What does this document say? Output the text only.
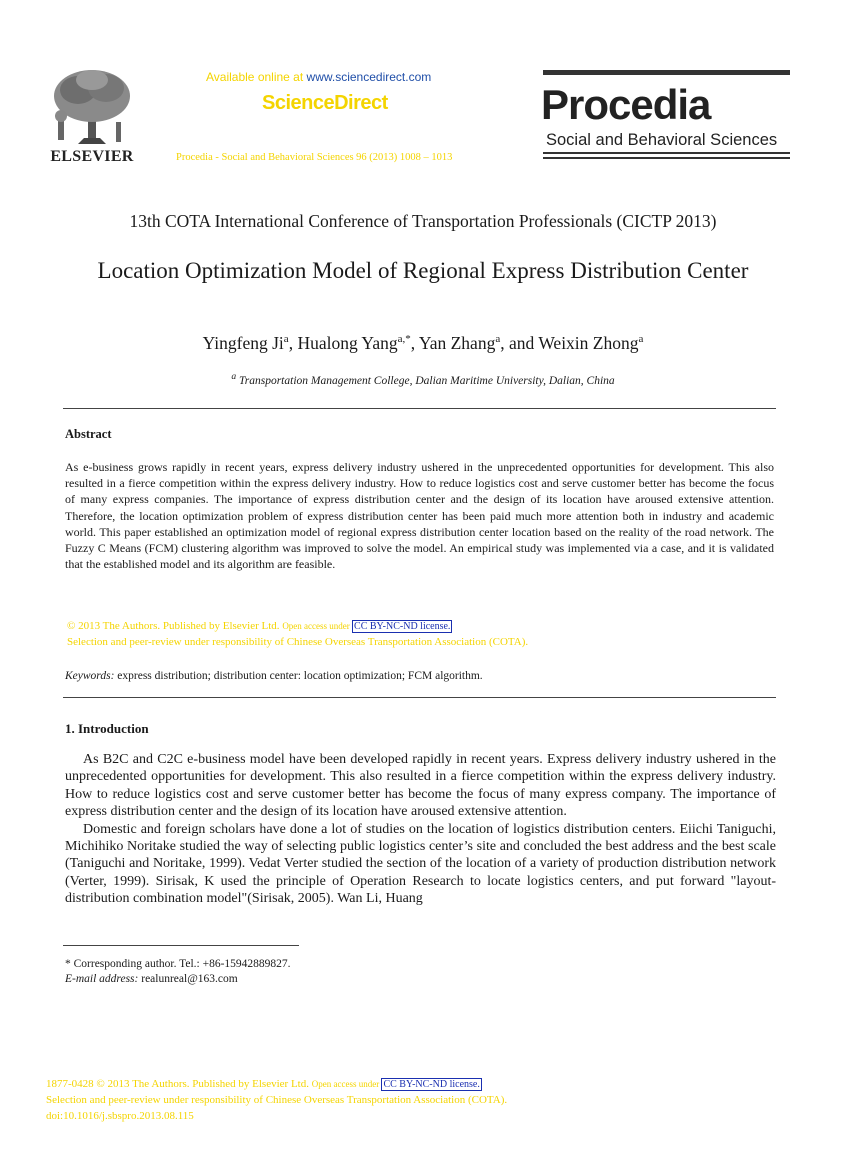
ELSEVIER
Available online at www.sciencedirect.com
ScienceDirect
Procedia - Social and Behavioral Sciences 96 (2013) 1008 – 1013
Procedia
Social and Behavioral Sciences
13th COTA International Conference of Transportation Professionals (CICTP 2013)
Location Optimization Model of Regional Express Distribution Center
Yingfeng Ji$^a$, Hualong Yang$^{a,*}$, Yan Zhang$^a$, and Weixin Zhong$^a$
$^a$ Transportation Management College, Dalian Maritime University, Dalian, China
Abstract
As e-business grows rapidly in recent years, express delivery industry ushered in the unprecedented opportunities for development. This also resulted in a fierce competition within the express delivery industry. How to reduce logistics cost and serve customer better has become the focus of many express companies. The importance of express distribution center and the design of its location have aroused extensive attention. Therefore, the location optimization problem of express distribution center has been paid much more attention both in industry and academic world. This paper established an optimization model of regional express distribution center location based on the reality of the road network. The Fuzzy C Means (FCM) clustering algorithm was improved to solve the model. An empirical study was implemented via a case, and it is validated that the established model and its algorithm are feasible.
© 2013 The Authors. Published by Elsevier Ltd. Open access under CC BY-NC-ND license.
Selection and peer-review under responsibility of Chinese Overseas Transportation Association (COTA).
Keywords: express distribution; distribution center: location optimization; FCM algorithm.
1. Introduction

As B2C and C2C e-business model have been developed rapidly in recent years. Express delivery industry ushered in the unprecedented opportunities for development. This also resulted in a fierce competition within the express delivery industry. How to reduce logistics cost and serve customer better has become the focus of many express company. The importance of express distribution center and the design of its location have aroused extensive attention.

Domestic and foreign scholars have done a lot of studies on the location of logistics distribution centers. Eiichi Taniguchi, Michihiko Noritake studied the way of selecting public logistics center’s site and concluded the best address and the best scale (Taniguchi and Noritake, 1999). Vedat Verter studied the section of the location of a variety of production distribution network (Verter, 1999). Sirisak, K used the principle of Operation Research to locate logistics centers, and put forward "layout-distribution combination model"(Sirisak, 2005). Wan Li, Huang

* Corresponding author. Tel.: +86-15942889827.
E-mail address: realunreal@163.com
1877-0428 © 2013 The Authors. Published by Elsevier Ltd. Open access under CC BY-NC-ND license.
Selection and peer-review under responsibility of Chinese Overseas Transportation Association (COTA).
doi:10.1016/j.sbspro.2013.08.115
